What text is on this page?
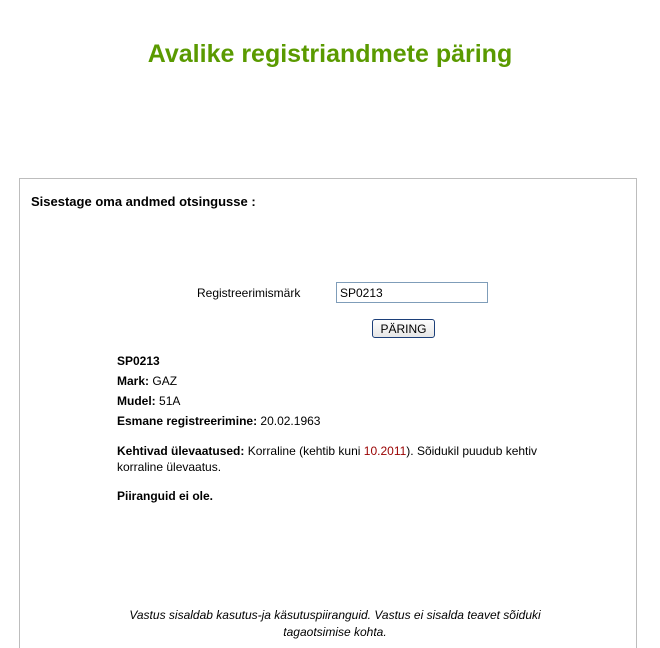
Avalike registriandmete päring
Sisestage oma andmed otsingusse :
Registreerimismärk
SP0213
PÄRING
SP0213
Mark: GAZ
Mudel: 51A
Esmane registreerimine: 20.02.1963
Kehtivad ülevaatused: Korraline (kehtib kuni 10.2011). Sõidukil puudub kehtiv korraline ülevaatus.
Piiranguid ei ole.
Vastus sisaldab kasutus-ja käsutuspiiranguid. Vastus ei sisalda teavet sõiduki tagaotsimise kohta.
